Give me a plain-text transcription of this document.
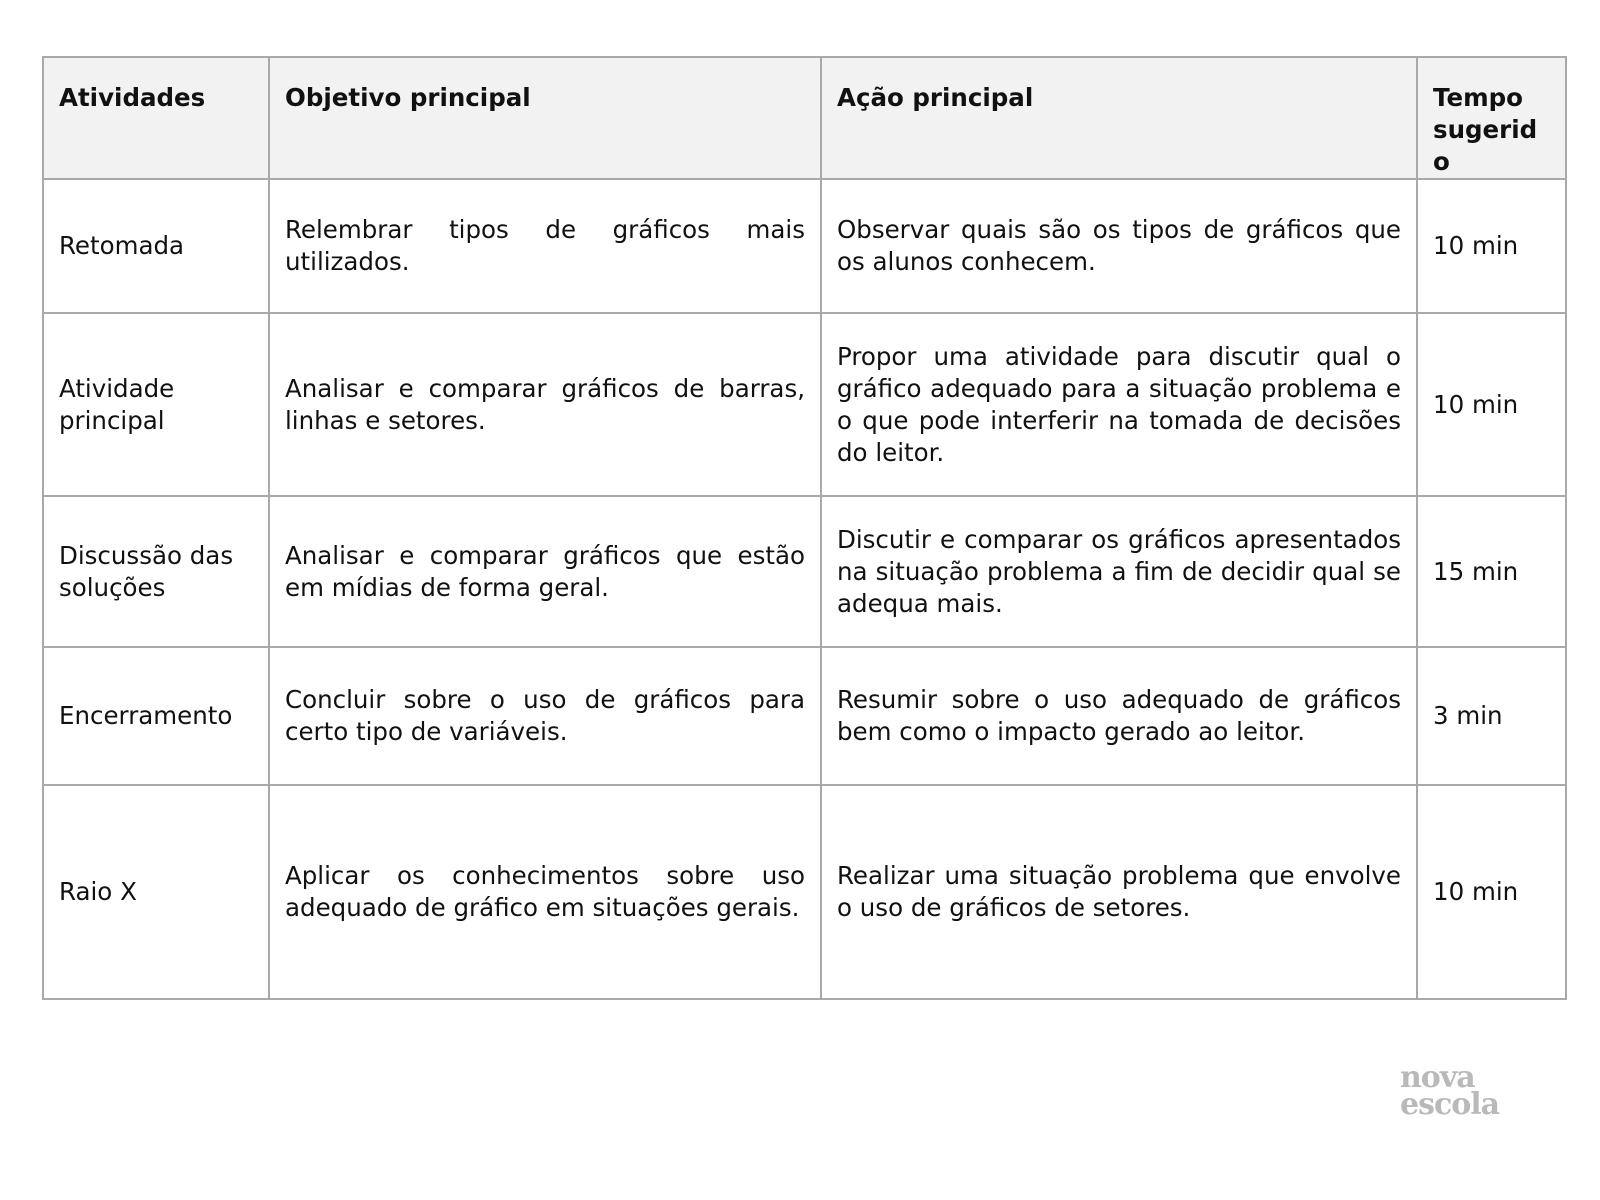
Atividades	Objetivo principal	Ação principal	Tempo sugerido
Retomada	Relembrar tipos de gráficos mais utilizados.	Observar quais são os tipos de gráficos que os alunos conhecem.	10 min
Atividade principal	Analisar e comparar gráficos de barras, linhas e setores.	Propor uma atividade para discutir qual o gráfico adequado para a situação problema e o que pode interferir na tomada de decisões do leitor.	10 min
Discussão das soluções	Analisar e comparar gráficos que estão em mídias de forma geral.	Discutir e comparar os gráficos apresentados na situação problema a fim de decidir qual se adequa mais.	15 min
Encerramento	Concluir sobre o uso de gráficos para certo tipo de variáveis.	Resumir sobre o uso adequado de gráficos bem como o impacto gerado ao leitor.	3 min
Raio X	Aplicar os conhecimentos sobre uso adequado de gráfico em situações gerais.	Realizar uma situação problema que envolve o uso de gráficos de setores.	10 min
nova
escola
